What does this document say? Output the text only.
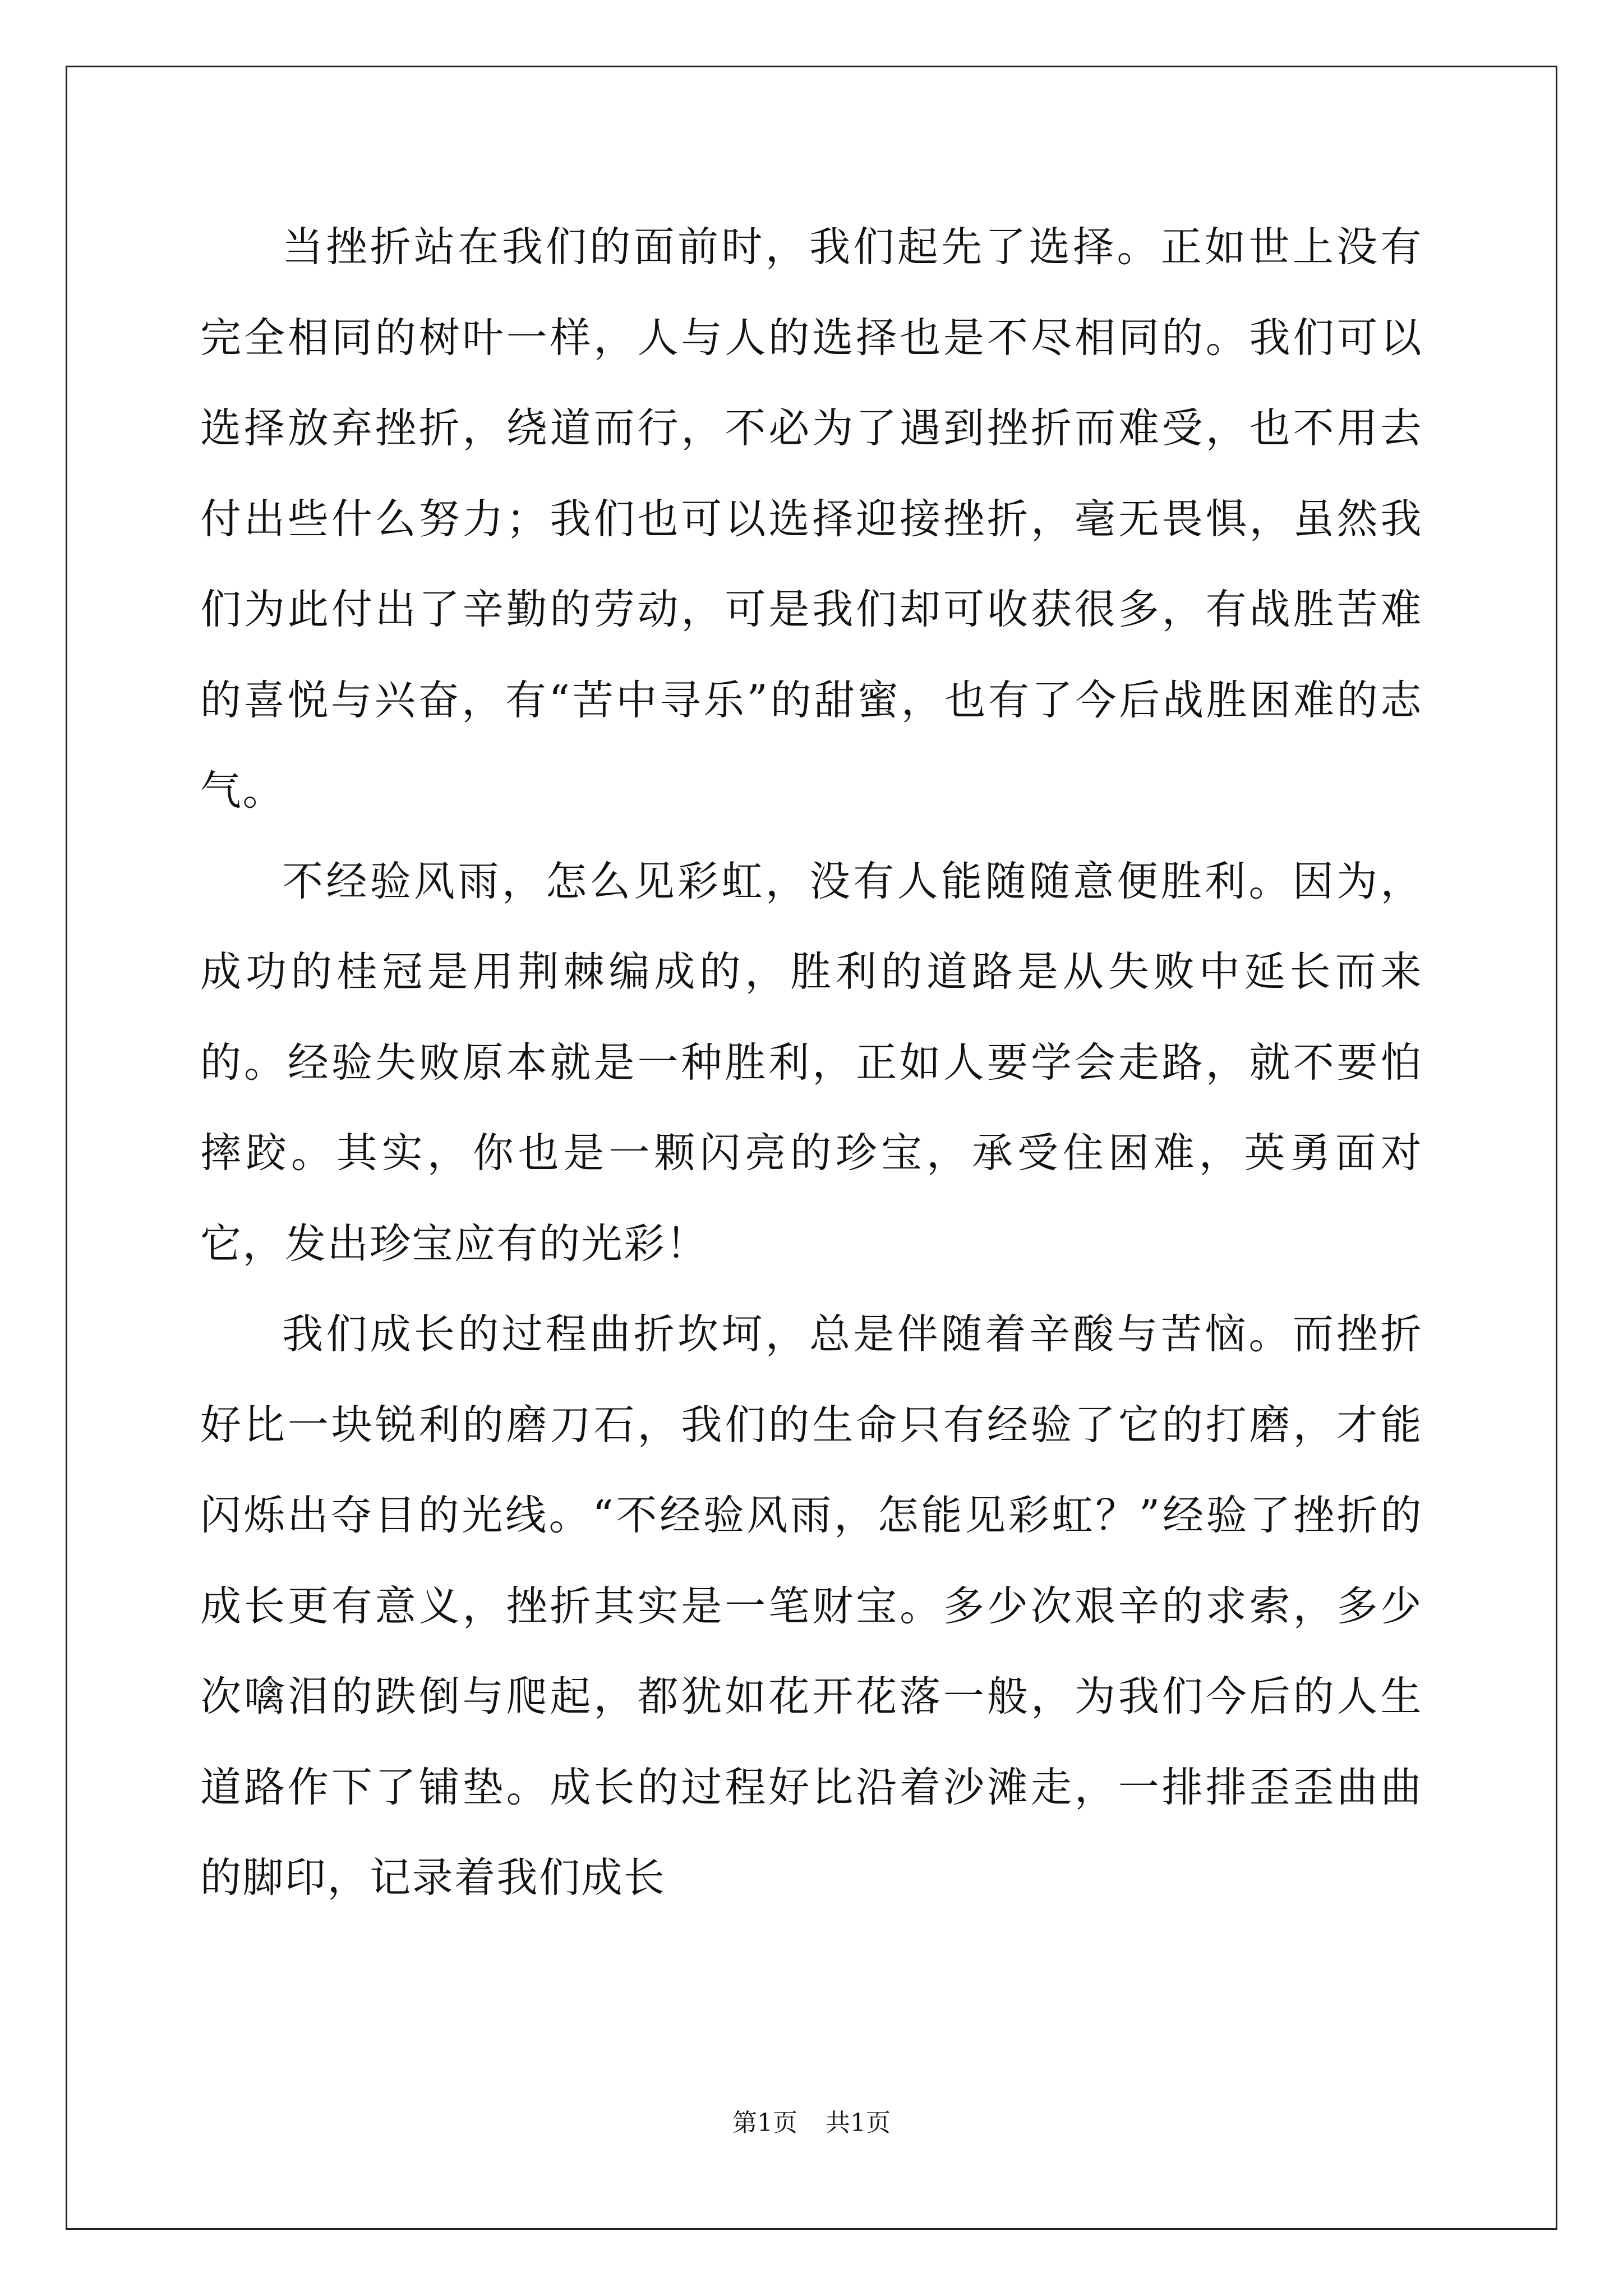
当挫折站在我们的面前时，我们起先了选择。正如世上没有完全相同的树叶一样，人与人的选择也是不尽相同的。我们可以选择放弃挫折，绕道而行，不必为了遇到挫折而难受，也不用去付出些什么努力；我们也可以选择迎接挫折，毫无畏惧，虽然我们为此付出了辛勤的劳动，可是我们却可收获很多，有战胜苦难的喜悦与兴奋，有“苦中寻乐”的甜蜜，也有了今后战胜困难的志气。

不经验风雨，怎么见彩虹，没有人能随随意便胜利。因为，成功的桂冠是用荆棘编成的，胜利的道路是从失败中延长而来的。经验失败原本就是一种胜利，正如人要学会走路，就不要怕摔跤。其实，你也是一颗闪亮的珍宝，承受住困难，英勇面对它，发出珍宝应有的光彩！

我们成长的过程曲折坎坷，总是伴随着辛酸与苦恼。而挫折好比一块锐利的磨刀石，我们的生命只有经验了它的打磨，才能闪烁出夺目的光线。“不经验风雨，怎能见彩虹？”经验了挫折的成长更有意义，挫折其实是一笔财宝。多少次艰辛的求索，多少次噙泪的跌倒与爬起，都犹如花开花落一般，为我们今后的人生道路作下了铺垫。成长的过程好比沿着沙滩走，一排排歪歪曲曲的脚印，记录着我们成长

第1页 共1页
